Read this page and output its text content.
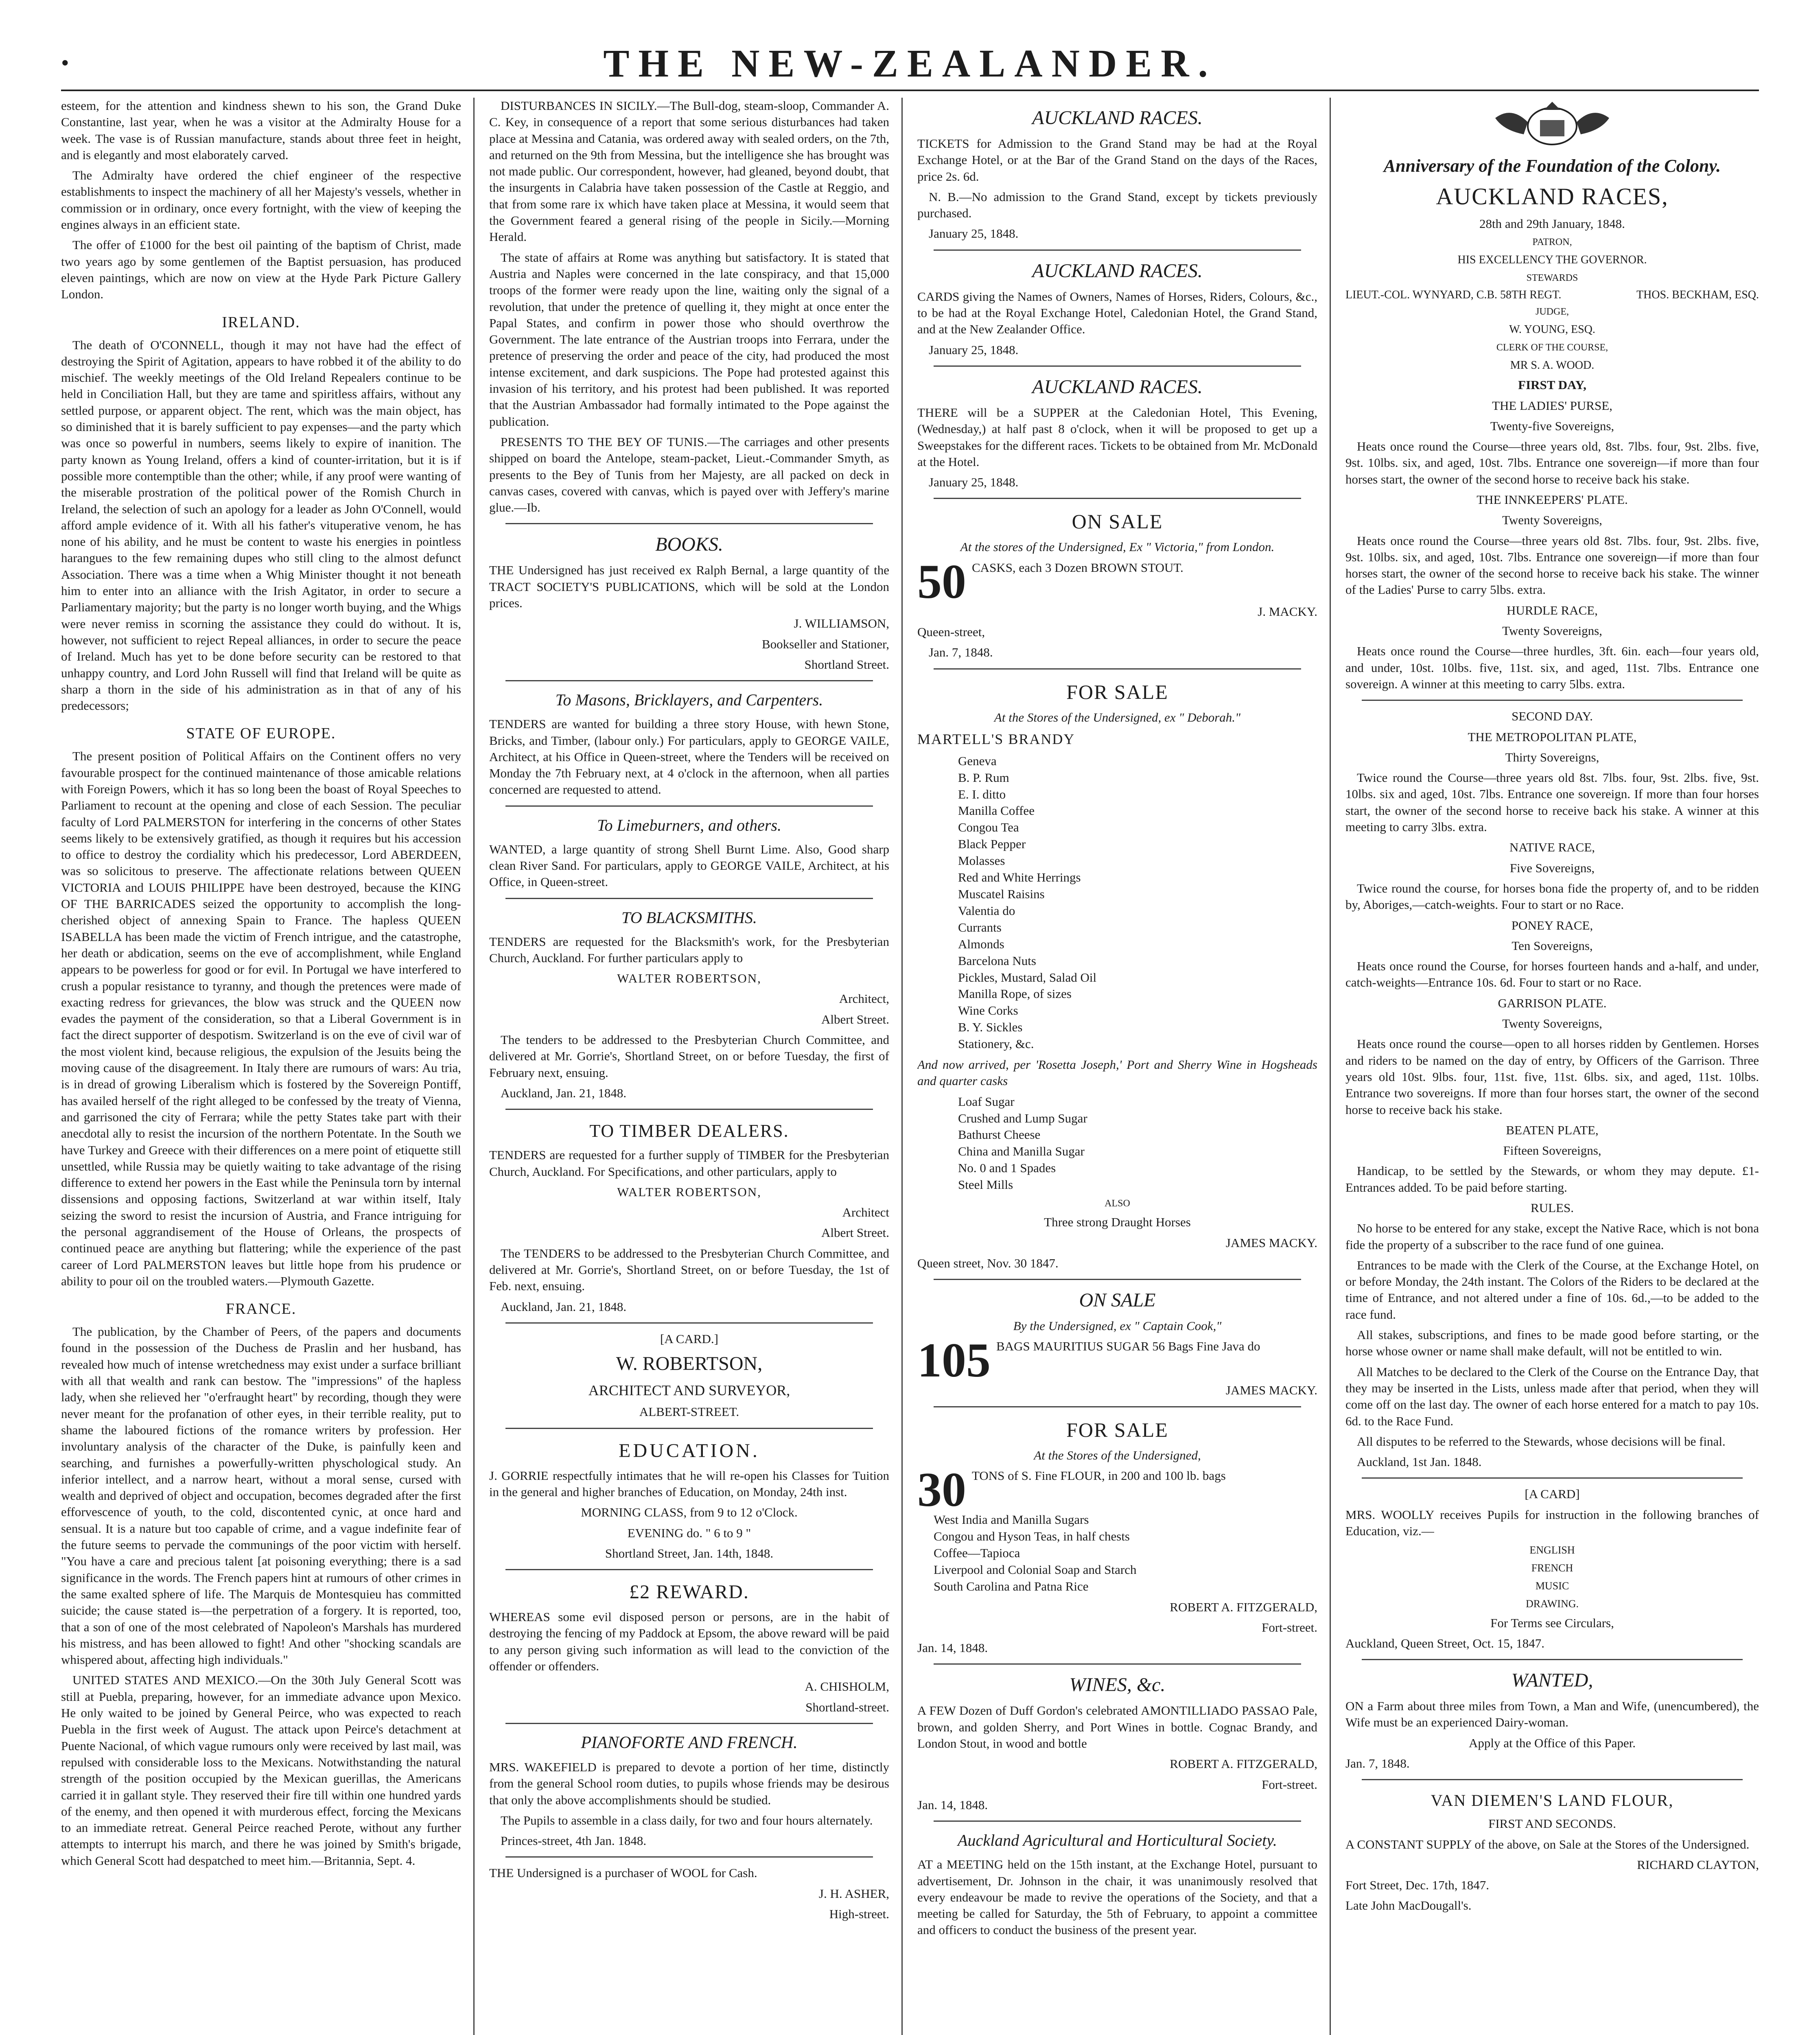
•	THE NEW-ZEALANDER.

esteem, for the attention and kindness shewn to his son, the Grand Duke Constantine, last year, when he was a visitor at the Admiralty House for a week. The vase is of Russian manufacture, stands about three feet in height, and is elegantly and most elaborately carved.

The Admiralty have ordered the chief engineer of the respective establishments to inspect the machinery of all her Majesty's vessels, whether in commission or in ordinary, once every fortnight, with the view of keeping the engines always in an efficient state.

The offer of £1000 for the best oil painting of the baptism of Christ, made two years ago by some gentlemen of the Baptist persuasion, has produced eleven paintings, which are now on view at the Hyde Park Picture Gallery London.

IRELAND.

The death of O'CONNELL, though it may not have had the effect of destroying the Spirit of Agitation, appears to have robbed it of the ability to do mischief. The weekly meetings of the Old Ireland Repealers continue to be held in Conciliation Hall, but they are tame and spiritless affairs, without any settled purpose, or apparent object. The rent, which was the main object, has so diminished that it is barely sufficient to pay expenses—and the party which was once so powerful in numbers, seems likely to expire of inanition. The party known as Young Ireland, offers a kind of counter-irritation, but it is if possible more contemptible than the other; while, if any proof were wanting of the miserable prostration of the political power of the Romish Church in Ireland, the selection of such an apology for a leader as John O'Connell, would afford ample evidence of it. With all his father's vituperative venom, he has none of his ability, and he must be content to waste his energies in pointless harangues to the few remaining dupes who still cling to the almost defunct Association. There was a time when a Whig Minister thought it not beneath him to enter into an alliance with the Irish Agitator, in order to secure a Parliamentary majority; but the party is no longer worth buying, and the Whigs were never remiss in scorning the assistance they could do without. It is, however, not sufficient to reject Repeal alliances, in order to secure the peace of Ireland. Much has yet to be done before security can be restored to that unhappy country, and Lord John Russell will find that Ireland will be quite as sharp a thorn in the side of his administration as in that of any of his predecessors;

STATE OF EUROPE.

The present position of Political Affairs on the Continent offers no very favourable prospect for the continued maintenance of those amicable relations with Foreign Powers, which it has so long been the boast of Royal Speeches to Parliament to recount at the opening and close of each Session. The peculiar faculty of Lord PALMERSTON for interfering in the concerns of other States seems likely to be extensively gratified, as though it requires but his accession to office to destroy the cordiality which his predecessor, Lord ABERDEEN, was so solicitous to preserve. The affectionate relations between QUEEN VICTORIA and LOUIS PHILIPPE have been destroyed, because the KING OF THE BARRICADES seized the opportunity to accomplish the long-cherished object of annexing Spain to France. The hapless QUEEN ISABELLA has been made the victim of French intrigue, and the catastrophe, her death or abdication, seems on the eve of accomplishment, while England appears to be powerless for good or for evil. In Portugal we have interfered to crush a popular resistance to tyranny, and though the pretences were made of exacting redress for grievances, the blow was struck and the QUEEN now evades the payment of the consideration, so that a Liberal Government is in fact the direct supporter of despotism. Switzerland is on the eve of civil war of the most violent kind, because religious, the expulsion of the Jesuits being the moving cause of the disagreement. In Italy there are rumours of wars: Au tria, is in dread of growing Liberalism which is fostered by the Sovereign Pontiff, has availed herself of the right alleged to be confessed by the treaty of Vienna, and garrisoned the city of Ferrara; while the petty States take part with their anecdotal ally to resist the incursion of the northern Potentate. In the South we have Turkey and Greece with their differences on a mere point of etiquette still unsettled, while Russia may be quietly waiting to take advantage of the rising difference to extend her powers in the East while the Peninsula torn by internal dissensions and opposing factions, Switzerland at war within itself, Italy seizing the sword to resist the incursion of Austria, and France intriguing for the personal aggrandisement of the House of Orleans, the prospects of continued peace are anything but flattering; while the experience of the past career of Lord PALMERSTON leaves but little hope from his prudence or ability to pour oil on the troubled waters.—Plymouth Gazette.

FRANCE.

The publication, by the Chamber of Peers, of the papers and documents found in the possession of the Duchess de Praslin and her husband, has revealed how much of intense wretchedness may exist under a surface brilliant with all that wealth and rank can bestow. The "impressions" of the hapless lady, when she relieved her "o'erfraught heart" by recording, though they were never meant for the profanation of other eyes, in their terrible reality, put to shame the laboured fictions of the romance writers by profession. Her involuntary analysis of the character of the Duke, is painfully keen and searching, and furnishes a powerfully-written physchological study. An inferior intellect, and a narrow heart, without a moral sense, cursed with wealth and deprived of object and occupation, becomes degraded after the first efforvescence of youth, to the cold, discontented cynic, at once hard and sensual. It is a nature but too capable of crime, and a vague indefinite fear of the future seems to pervade the communings of the poor victim with herself. "You have a care and precious talent [at poisoning everything; there is a sad significance in the words. The French papers hint at rumours of other crimes in the same exalted sphere of life. The Marquis de Montesquieu has committed suicide; the cause stated is—the perpetration of a forgery. It is reported, too, that a son of one of the most celebrated of Napoleon's Marshals has murdered his mistress, and has been allowed to fight! And other "shocking scandals are whispered about, affecting high individuals."

UNITED STATES AND MEXICO.—On the 30th July General Scott was still at Puebla, preparing, however, for an immediate advance upon Mexico. He only waited to be joined by General Peirce, who was expected to reach Puebla in the first week of August. The attack upon Peirce's detachment at Puente Nacional, of which vague rumours only were received by last mail, was repulsed with considerable loss to the Mexicans. Notwithstanding the natural strength of the position occupied by the Mexican guerillas, the Americans carried it in gallant style. They reserved their fire till within one hundred yards of the enemy, and then opened it with murderous effect, forcing the Mexicans to an immediate retreat. General Peirce reached Perote, without any further attempts to interrupt his march, and there he was joined by Smith's brigade, which General Scott had despatched to meet him.—Britannia, Sept. 4.

DISTURBANCES IN SICILY.—The Bull-dog, steam-sloop, Commander A. C. Key, in consequence of a report that some serious disturbances had taken place at Messina and Catania, was ordered away with sealed orders, on the 7th, and returned on the 9th from Messina, but the intelligence she has brought was not made public. Our correspondent, however, had gleaned, beyond doubt, that the insurgents in Calabria have taken possession of the Castle at Reggio, and that from some rare ix which have taken place at Messina, it would seem that the Government feared a general rising of the people in Sicily.—Morning Herald.

The state of affairs at Rome was anything but satisfactory. It is stated that Austria and Naples were concerned in the late conspiracy, and that 15,000 troops of the former were ready upon the line, waiting only the signal of a revolution, that under the pretence of quelling it, they might at once enter the Papal States, and confirm in power those who should overthrow the Government. The late entrance of the Austrian troops into Ferrara, under the pretence of preserving the order and peace of the city, had produced the most intense excitement, and dark suspicions. The Pope had protested against this invasion of his territory, and his protest had been published. It was reported that the Austrian Ambassador had formally intimated to the Pope against the publication.

PRESENTS TO THE BEY OF TUNIS.—The carriages and other presents shipped on board the Antelope, steam-packet, Lieut.-Commander Smyth, as presents to the Bey of Tunis from her Majesty, are all packed on deck in canvas cases, covered with canvas, which is payed over with Jeffery's marine glue.—Ib.

BOOKS.

THE Undersigned has just received ex Ralph Bernal, a large quantity of the TRACT SOCIETY'S PUBLICATIONS, which will be sold at the London prices.

J. WILLIAMSON,

Bookseller and Stationer,

Shortland Street.

To Masons, Bricklayers, and Carpenters.

TENDERS are wanted for building a three story House, with hewn Stone, Bricks, and Timber, (labour only.) For particulars, apply to GEORGE VAILE, Architect, at his Office in Queen-street, where the Tenders will be received on Monday the 7th February next, at 4 o'clock in the afternoon, when all parties concerned are requested to attend.

To Limeburners, and others.

WANTED, a large quantity of strong Shell Burnt Lime. Also, Good sharp clean River Sand. For particulars, apply to GEORGE VAILE, Architect, at his Office, in Queen-street.

TO BLACKSMITHS.

TENDERS are requested for the Blacksmith's work, for the Presbyterian Church, Auckland. For further particulars apply to

WALTER ROBERTSON,

Architect,

Albert Street.

The tenders to be addressed to the Presbyterian Church Committee, and delivered at Mr. Gorrie's, Shortland Street, on or before Tuesday, the first of February next, ensuing.

Auckland, Jan. 21, 1848.

TO TIMBER DEALERS.

TENDERS are requested for a further supply of TIMBER for the Presbyterian Church, Auckland. For Specifications, and other particulars, apply to

WALTER ROBERTSON,

Architect

Albert Street.

The TENDERS to be addressed to the Presbyterian Church Committee, and delivered at Mr. Gorrie's, Shortland Street, on or before Tuesday, the 1st of Feb. next, ensuing.

Auckland, Jan. 21, 1848.

[A CARD.]

W. ROBERTSON,

ARCHITECT AND SURVEYOR,

ALBERT-STREET.

EDUCATION.

J. GORRIE respectfully intimates that he will re-open his Classes for Tuition in the general and higher branches of Education, on Monday, 24th inst.

MORNING CLASS, from 9 to 12 o'Clock.

EVENING do. " 6 to 9 "

Shortland Street, Jan. 14th, 1848.

£2 REWARD.

WHEREAS some evil disposed person or persons, are in the habit of destroying the fencing of my Paddock at Epsom, the above reward will be paid to any person giving such information as will lead to the conviction of the offender or offenders.

A. CHISHOLM,

Shortland-street.

PIANOFORTE AND FRENCH.

MRS. WAKEFIELD is prepared to devote a portion of her time, distinctly from the general School room duties, to pupils whose friends may be desirous that only the above accomplishments should be studied.

The Pupils to assemble in a class daily, for two and four hours alternately.

Princes-street, 4th Jan. 1848.

THE Undersigned is a purchaser of WOOL for Cash.

J. H. ASHER,

High-street.

AUCKLAND RACES.

TICKETS for Admission to the Grand Stand may be had at the Royal Exchange Hotel, or at the Bar of the Grand Stand on the days of the Races, price 2s. 6d.

N. B.—No admission to the Grand Stand, except by tickets previously purchased.

January 25, 1848.

AUCKLAND RACES.

CARDS giving the Names of Owners, Names of Horses, Riders, Colours, &c., to be had at the Royal Exchange Hotel, Caledonian Hotel, the Grand Stand, and at the New Zealander Office.

January 25, 1848.

AUCKLAND RACES.

THERE will be a SUPPER at the Caledonian Hotel, This Evening, (Wednesday,) at half past 8 o'clock, when it will be proposed to get up a Sweepstakes for the different races. Tickets to be obtained from Mr. McDonald at the Hotel.

January 25, 1848.

ON SALE

At the stores of the Undersigned, Ex " Victoria," from London.

50 CASKS, each 3 Dozen BROWN STOUT.

J. MACKY.

Queen-street,

Jan. 7, 1848.

FOR SALE

At the Stores of the Undersigned, ex " Deborah."

MARTELL'S BRANDY

Geneva
B. P. Rum
E. I. ditto
Manilla Coffee
Congou Tea
Black Pepper
Molasses
Red and White Herrings
Muscatel Raisins
Valentia do
Currants
Almonds
Barcelona Nuts
Pickles, Mustard, Salad Oil
Manilla Rope, of sizes
Wine Corks
B. Y. Sickles
Stationery, &c.

And now arrived, per 'Rosetta Joseph,' Port and Sherry Wine in Hogsheads and quarter casks

Loaf Sugar
Crushed and Lump Sugar
Bathurst Cheese
China and Manilla Sugar
No. 0 and 1 Spades
Steel Mills

ALSO

Three strong Draught Horses

JAMES MACKY.

Queen street, Nov. 30 1847.

ON SALE

By the Undersigned, ex " Captain Cook,"

105 BAGS MAURITIUS SUGAR 56 Bags Fine Java do

JAMES MACKY.

FOR SALE

At the Stores of the Undersigned,

30 TONS of S. Fine FLOUR, in 200 and 100 lb. bags

West India and Manilla Sugars
Congou and Hyson Teas, in half chests
Coffee—Tapioca
Liverpool and Colonial Soap and Starch
South Carolina and Patna Rice

ROBERT A. FITZGERALD,

Fort-street.

Jan. 14, 1848.

WINES, &c.

A FEW Dozen of Duff Gordon's celebrated AMONTILLIADO PASSAO Pale, brown, and golden Sherry, and Port Wines in bottle. Cognac Brandy, and London Stout, in wood and bottle

ROBERT A. FITZGERALD,

Fort-street.

Jan. 14, 1848.

Auckland Agricultural and Horticultural Society.

AT a MEETING held on the 15th instant, at the Exchange Hotel, pursuant to advertisement, Dr. Johnson in the chair, it was unanimously resolved that every endeavour be made to revive the operations of the Society, and that a meeting be called for Saturday, the 5th of February, to appoint a committee and officers to conduct the business of the present year.

Anniversary of the Foundation of the Colony.
AUCKLAND RACES,

28th and 29th January, 1848.

PATRON,

HIS EXCELLENCY THE GOVERNOR.

STEWARDS

LIEUT.-COL. WYNYARD, C.B. 58TH REGT.	THOS. BECKHAM, ESQ.

JUDGE,

W. YOUNG, ESQ.

CLERK OF THE COURSE,

MR S. A. WOOD.

FIRST DAY,

THE LADIES' PURSE,

Twenty-five Sovereigns,

Heats once round the Course—three years old, 8st. 7lbs. four, 9st. 2lbs. five, 9st. 10lbs. six, and aged, 10st. 7lbs. Entrance one sovereign—if more than four horses start, the owner of the second horse to receive back his stake.

THE INNKEEPERS' PLATE.

Twenty Sovereigns,

Heats once round the Course—three years old 8st. 7lbs. four, 9st. 2lbs. five, 9st. 10lbs. six, and aged, 10st. 7lbs. Entrance one sovereign—if more than four horses start, the owner of the second horse to receive back his stake. The winner of the Ladies' Purse to carry 5lbs. extra.

HURDLE RACE,

Twenty Sovereigns,

Heats once round the Course—three hurdles, 3ft. 6in. each—four years old, and under, 10st. 10lbs. five, 11st. six, and aged, 11st. 7lbs. Entrance one sovereign. A winner at this meeting to carry 5lbs. extra.

SECOND DAY.

THE METROPOLITAN PLATE,

Thirty Sovereigns,

Twice round the Course—three years old 8st. 7lbs. four, 9st. 2lbs. five, 9st. 10lbs. six and aged, 10st. 7lbs. Entrance one sovereign. If more than four horses start, the owner of the second horse to receive back his stake. A winner at this meeting to carry 3lbs. extra.

NATIVE RACE,

Five Sovereigns,

Twice round the course, for horses bona fide the property of, and to be ridden by, Aboriges,—catch-weights. Four to start or no Race.

PONEY RACE,

Ten Sovereigns,

Heats once round the Course, for horses fourteen hands and a-half, and under, catch-weights—Entrance 10s. 6d. Four to start or no Race.

GARRISON PLATE.

Twenty Sovereigns,

Heats once round the course—open to all horses ridden by Gentlemen. Horses and riders to be named on the day of entry, by Officers of the Garrison. Three years old 10st. 9lbs. four, 11st. five, 11st. 6lbs. six, and aged, 11st. 10lbs. Entrance two sovereigns. If more than four horses start, the owner of the second horse to receive back his stake.

BEATEN PLATE,

Fifteen Sovereigns,

Handicap, to be settled by the Stewards, or whom they may depute. £1-Entrances added. To be paid before starting.

RULES.

No horse to be entered for any stake, except the Native Race, which is not bona fide the property of a subscriber to the race fund of one guinea.

Entrances to be made with the Clerk of the Course, at the Exchange Hotel, on or before Monday, the 24th instant. The Colors of the Riders to be declared at the time of Entrance, and not altered under a fine of 10s. 6d.,—to be added to the race fund.

All stakes, subscriptions, and fines to be made good before starting, or the horse whose owner or name shall make default, will not be entitled to win.

All Matches to be declared to the Clerk of the Course on the Entrance Day, that they may be inserted in the Lists, unless made after that period, when they will come off on the last day. The owner of each horse entered for a match to pay 10s. 6d. to the Race Fund.

All disputes to be referred to the Stewards, whose decisions will be final.

Auckland, 1st Jan. 1848.

[A CARD]

MRS. WOOLLY receives Pupils for instruction in the following branches of Education, viz.—

ENGLISH

FRENCH

MUSIC

DRAWING.

For Terms see Circulars,

Auckland, Queen Street, Oct. 15, 1847.

WANTED,

ON a Farm about three miles from Town, a Man and Wife, (unencumbered), the Wife must be an experienced Dairy-woman.

Apply at the Office of this Paper.

Jan. 7, 1848.

VAN DIEMEN'S LAND FLOUR,

FIRST AND SECONDS.

A CONSTANT SUPPLY of the above, on Sale at the Stores of the Undersigned.

RICHARD CLAYTON,

Fort Street, Dec. 17th, 1847.

Late John MacDougall's.
